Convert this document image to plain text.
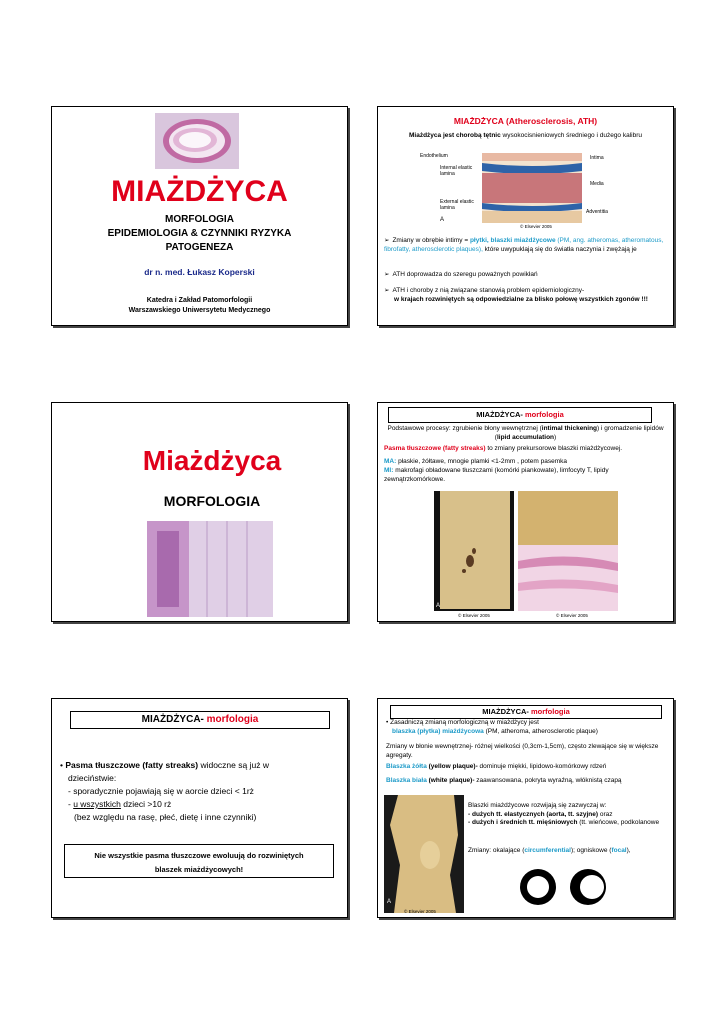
MIAŻDŻYCA
MORFOLOGIA
EPIDEMIOLOGIA & CZYNNIKI RYZYKA
PATOGENEZA
dr n. med. Łukasz Koperski
Katedra i Zakład Patomorfologii
Warszawskiego Uniwersytetu Medycznego
MIAŻDŻYCA (Atherosclerosis, ATH)
Miażdżyca jest chorobą tętnic wysokocisnieniowych średniego i dużego kalibru
Endothelium
Internal elastic lamina
External elastic lamina
A
Intima
Media
Adventitia
© Elsevier 2005
➢ Zmiany w obrębie intimy = płytki, blaszki miażdżycowe (PM, ang. atheromas, atheromatous, fibrofatty, atherosclerotic plaques), które uwypuklają się do światła naczynia i zwężają je
➢ ATH doprowadza do szeregu poważnych powikłań
➢ ATH i choroby z nią związane stanowią problem epidemiologiczny-

w krajach rozwiniętych są odpowiedzialne za blisko połowę wszystkich zgonów !!!
Miażdżyca
MORFOLOGIA
MIAŻDŻYCA- morfologia
Podstawowe procesy: zgrubienie błony wewnętrznej (intimal thickening) i gromadzenie lipidów (lipid accumulation)
Pasma tłuszczowe (fatty streaks) to zmiany prekursorowe blaszki miażdżycowej.
MA: płaskie, żółtawe, mnogie plamki <1-2mm , potem pasemka
MI: makrofagi obładowane tłuszczami (komórki piankowate), limfocyty T, lipidy zewnątrzkomórkowe.
A
© Elsevier 2005	© Elsevier 2005
MIAŻDŻYCA- morfologia
• Pasma tłuszczowe (fatty streaks) widoczne są już w
dzieciństwie:
- sporadycznie pojawiają się w aorcie dzieci < 1rż
- u wszystkich dzieci >10 rż
(bez względu na rasę, płeć, dietę i inne czynniki)
Nie wszystkie pasma tłuszczowe ewoluują do rozwiniętych
blaszek miażdżycowych!
MIAŻDŻYCA- morfologia
• Zasadniczą zmianą morfologiczną w miażdżycy jest
blaszka (płytka) miażdżycowa (PM, atheroma, atherosclerotic plaque)
Zmiany w błonie wewnętrznej- różnej wielkości (0,3cm-1,5cm), często zlewające się w większe agregaty.
Blaszka żółta (yellow plaque)- dominuje miękki, lipidowo-komórkowy rdzeń
Blaszka biała (white plaque)- zaawansowana, pokryta wyraźną, włóknistą czapą
A
© Elsevier 2005
Blaszki miażdżycowe rozwijają się zazwyczaj w:
- dużych tt. elastycznych (aorta, tt. szyjne) oraz
- dużych i średnich tt. mięśniowych (tt. wieńcowe, podkolanowe
Zmiany: okalające (circumferential); ogniskowe (focal),
